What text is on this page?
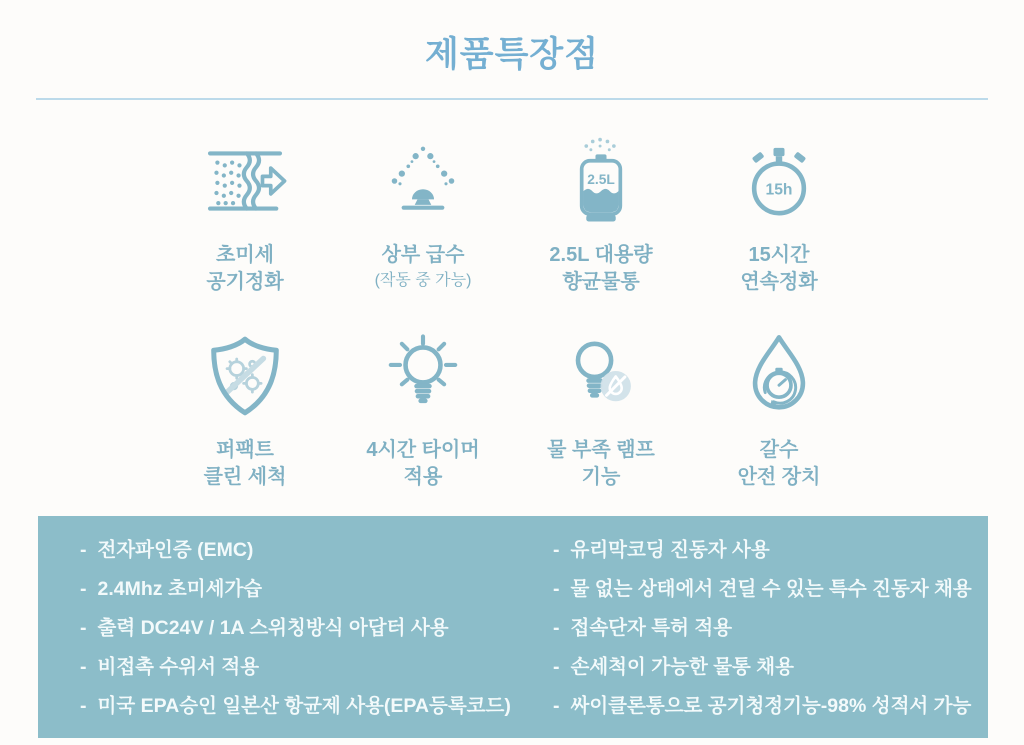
제품특장점
초미세
공기정화
상부 급수
(작동 중 가능)
2.5L
2.5L 대용량
향균물통
15h
15시간
연속정화
퍼팩트
클린 세척
4시간 타이머
적용
물 부족 램프
기능
갈수
안전 장치
- 전자파인증 (EMC)
- 2.4Mhz 초미세가습
- 출력 DC24V / 1A 스위칭방식 아답터 사용
- 비접촉 수위서 적용
- 미국 EPA승인 일본산 항균제 사용(EPA등록코드)
- 유리막코딩 진동자 사용
- 물 없는 상태에서 견딜 수 있는 특수 진동자 채용
- 접속단자 특허 적용
- 손세척이 가능한 물통 채용
- 싸이클론통으로 공기청정기능-98% 성적서 가능
